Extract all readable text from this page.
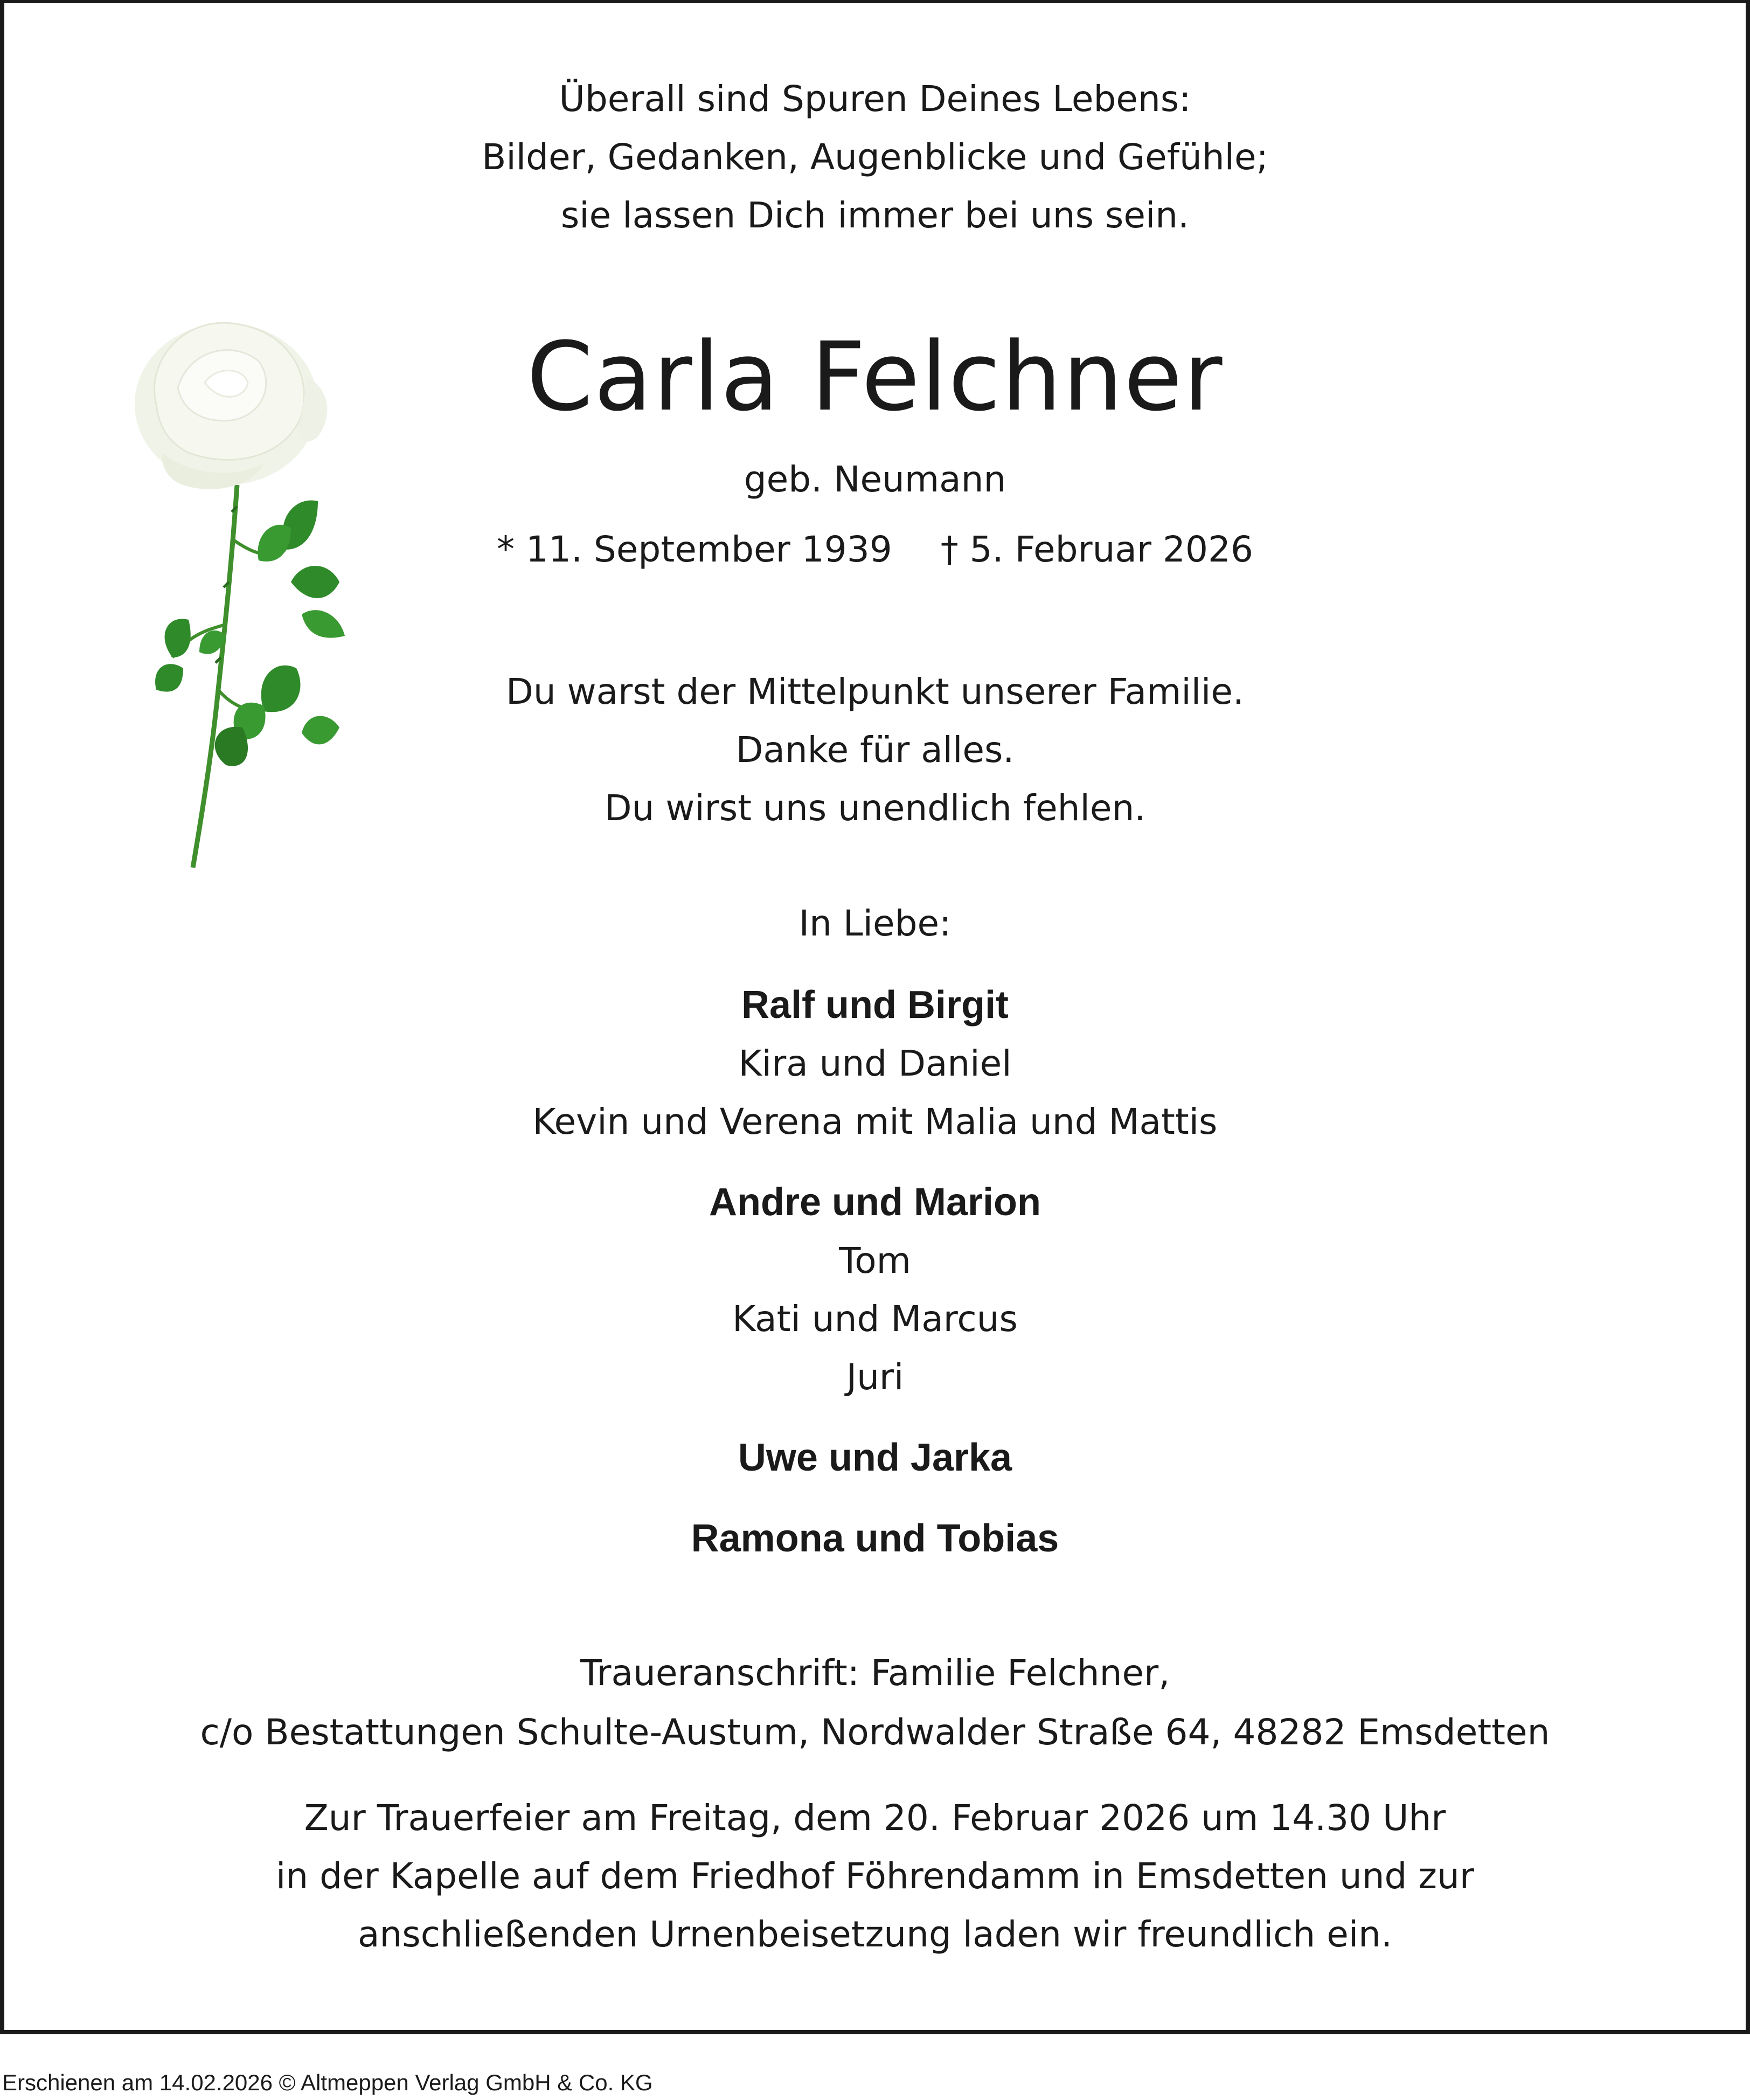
Überall sind Spuren Deines Lebens:
Bilder, Gedanken, Augenblicke und Gefühle;
sie lassen Dich immer bei uns sein.
Carla Felchner
geb. Neumann
* 11. September 1939 † 5. Februar 2026
Du warst der Mittelpunkt unserer Familie.
Danke für alles.
Du wirst uns unendlich fehlen.
In Liebe:
Ralf und Birgit
Kira und Daniel
Kevin und Verena mit Malia und Mattis
Andre und Marion
Tom
Kati und Marcus
Juri
Uwe und Jarka
Ramona und Tobias
Traueranschrift: Familie Felchner,
c/o Bestattungen Schulte-Austum, Nordwalder Straße 64, 48282 Emsdetten
Zur Trauerfeier am Freitag, dem 20. Februar 2026 um 14.30 Uhr
in der Kapelle auf dem Friedhof Föhrendamm in Emsdetten und zur
anschließenden Urnenbeisetzung laden wir freundlich ein.
Erschienen am 14.02.2026 © Altmeppen Verlag GmbH & Co. KG
